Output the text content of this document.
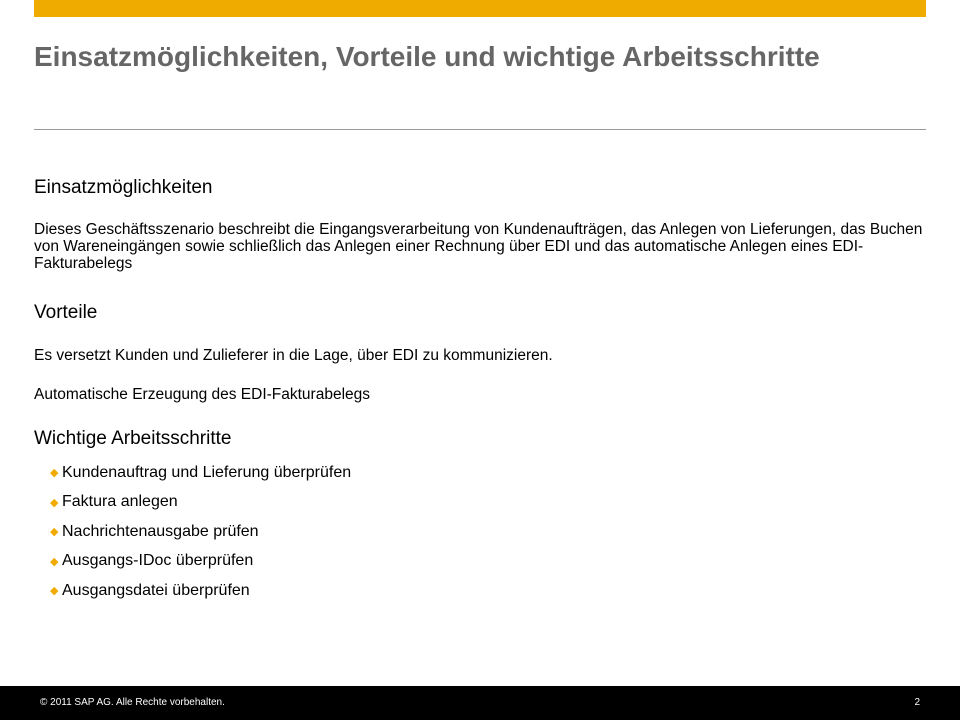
Einsatzmöglichkeiten, Vorteile und wichtige Arbeitsschritte
Einsatzmöglichkeiten

Dieses Geschäftsszenario beschreibt die Eingangsverarbeitung von Kundenaufträgen, das Anlegen von Lieferungen, das Buchen von Wareneingängen sowie schließlich das Anlegen einer Rechnung über EDI und das automatische Anlegen eines EDI-Fakturabelegs

Vorteile

Es versetzt Kunden und Zulieferer in die Lage, über EDI zu kommunizieren.

Automatische Erzeugung des EDI-Fakturabelegs

Wichtige Arbeitsschritte
◆ Kundenauftrag und Lieferung überprüfen
◆ Faktura anlegen
◆ Nachrichtenausgabe prüfen
◆ Ausgangs-IDoc überprüfen
◆ Ausgangsdatei überprüfen
© 2011 SAP AG. Alle Rechte vorbehalten.	2
